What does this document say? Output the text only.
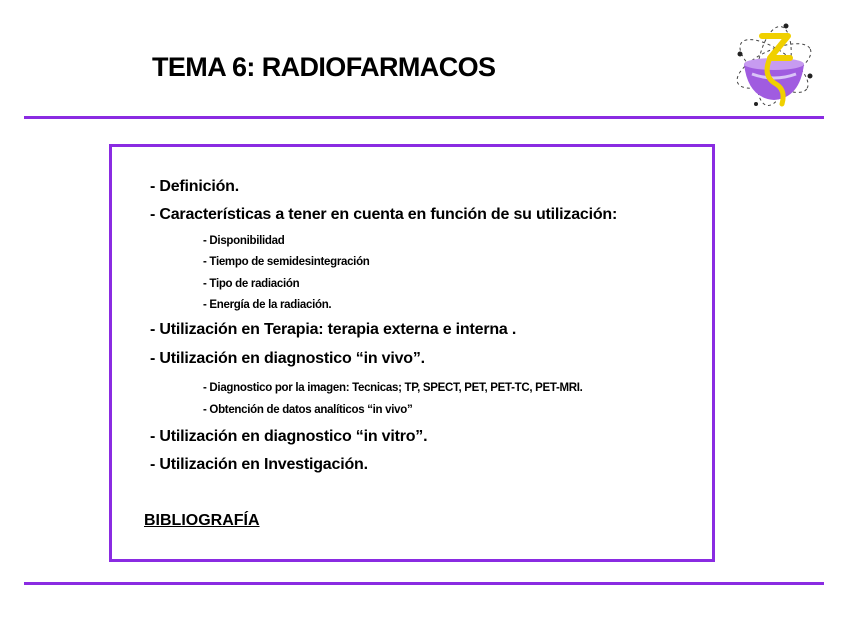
TEMA 6: RADIOFARMACOS
- Definición.
- Características a tener en cuenta en función de su utilización:
- Disponibilidad
- Tiempo de semidesintegración
- Tipo de radiación
- Energía de la radiación.
- Utilización en Terapia: terapia externa e interna .
- Utilización en diagnostico “in vivo”.
- Diagnostico por la imagen: Tecnicas; TP, SPECT, PET, PET-TC, PET-MRI.
- Obtención de datos analíticos “in vivo”
- Utilización en diagnostico “in vitro”.
- Utilización en Investigación.
BIBLIOGRAFÍA
